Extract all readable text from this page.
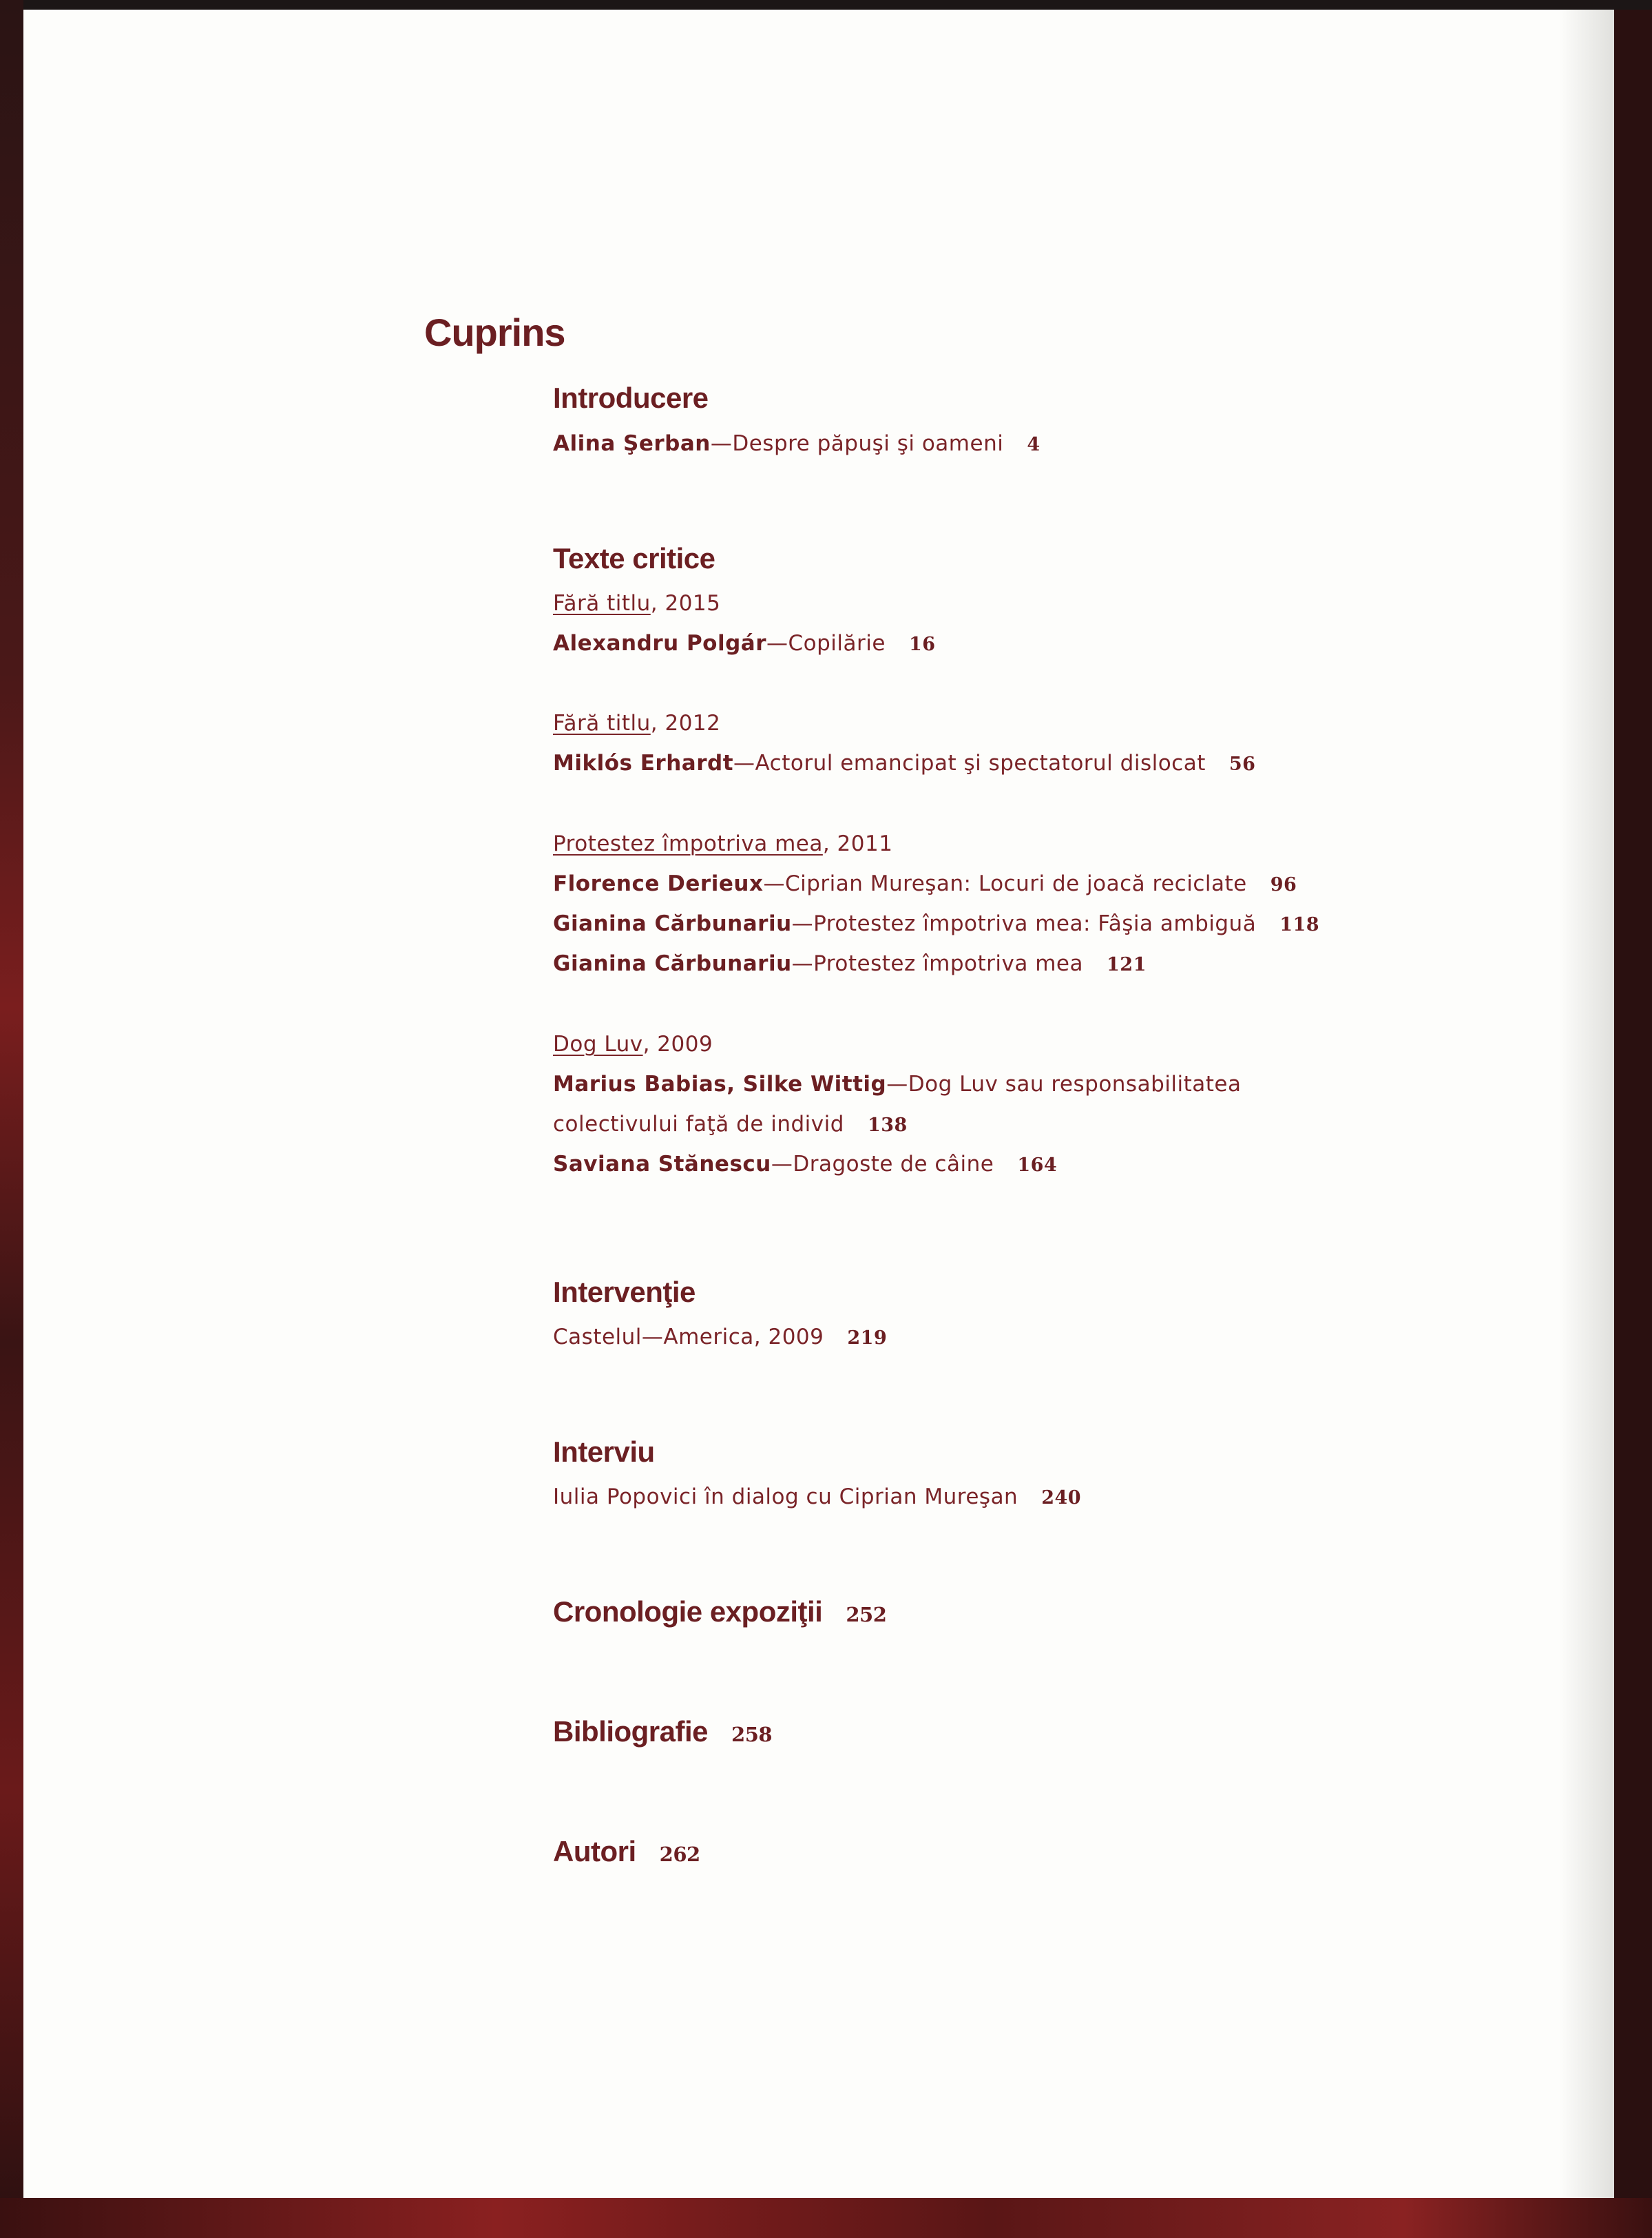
Cuprins
Introducere
Alina Şerban—Despre păpuşi şi oameni 4
Texte critice
Fără titlu, 2015
Alexandru Polgár—Copilărie 16
Fără titlu, 2012
Miklós Erhardt—Actorul emancipat şi spectatorul dislocat 56
Protestez împotriva mea, 2011
Florence Derieux—Ciprian Mureşan: Locuri de joacă reciclate 96
Gianina Cărbunariu—Protestez împotriva mea: Fâşia ambiguă 118
Gianina Cărbunariu—Protestez împotriva mea 121
Dog Luv, 2009
Marius Babias, Silke Wittig—Dog Luv sau responsabilitatea
colectivului faţă de individ 138
Saviana Stănescu—Dragoste de câine 164
Intervenţie
Castelul—America, 2009 219
Interviu
Iulia Popovici în dialog cu Ciprian Mureşan 240
Cronologie expoziţii 252
Bibliografie 258
Autori 262
